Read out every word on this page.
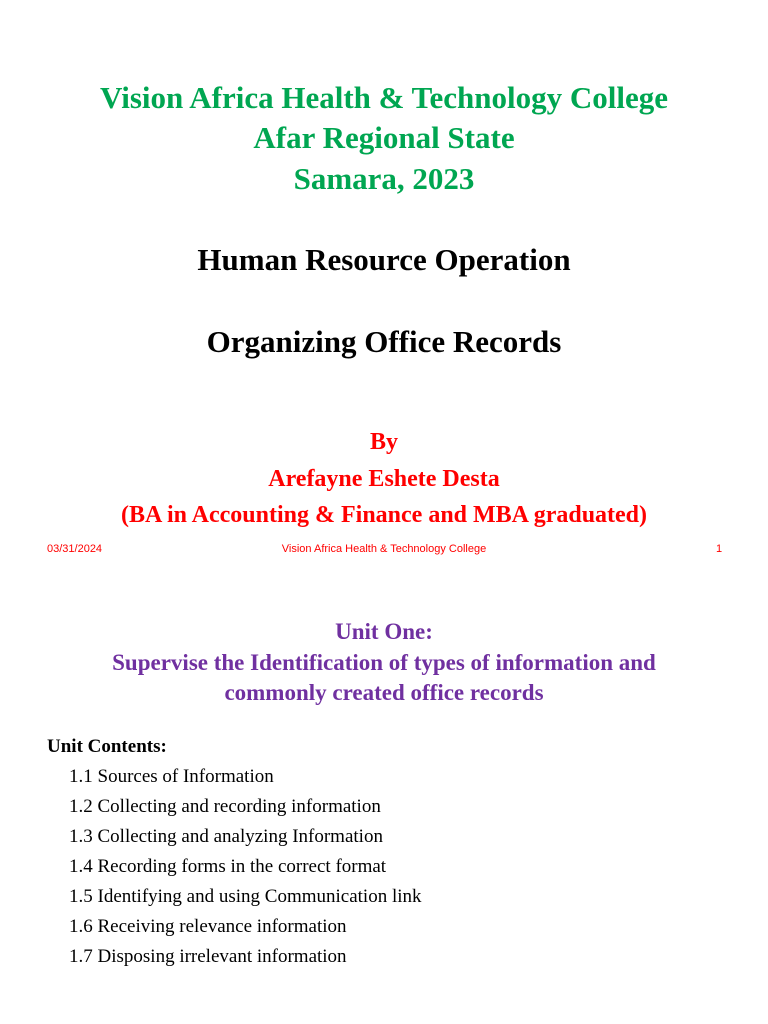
Vision Africa Health & Technology College
Afar Regional State
Samara, 2023
Human Resource Operation
Organizing Office Records
By
Arefayne Eshete Desta
(BA in Accounting & Finance and MBA graduated)
03/31/2024	Vision Africa Health & Technology College	1
Unit One:
Supervise the Identification of types of information and
commonly created office records
Unit Contents:
1.1 Sources of Information
1.2 Collecting and recording information
1.3 Collecting and analyzing Information
1.4 Recording forms in the correct format
1.5 Identifying and using Communication link
1.6 Receiving relevance information
1.7 Disposing irrelevant information
